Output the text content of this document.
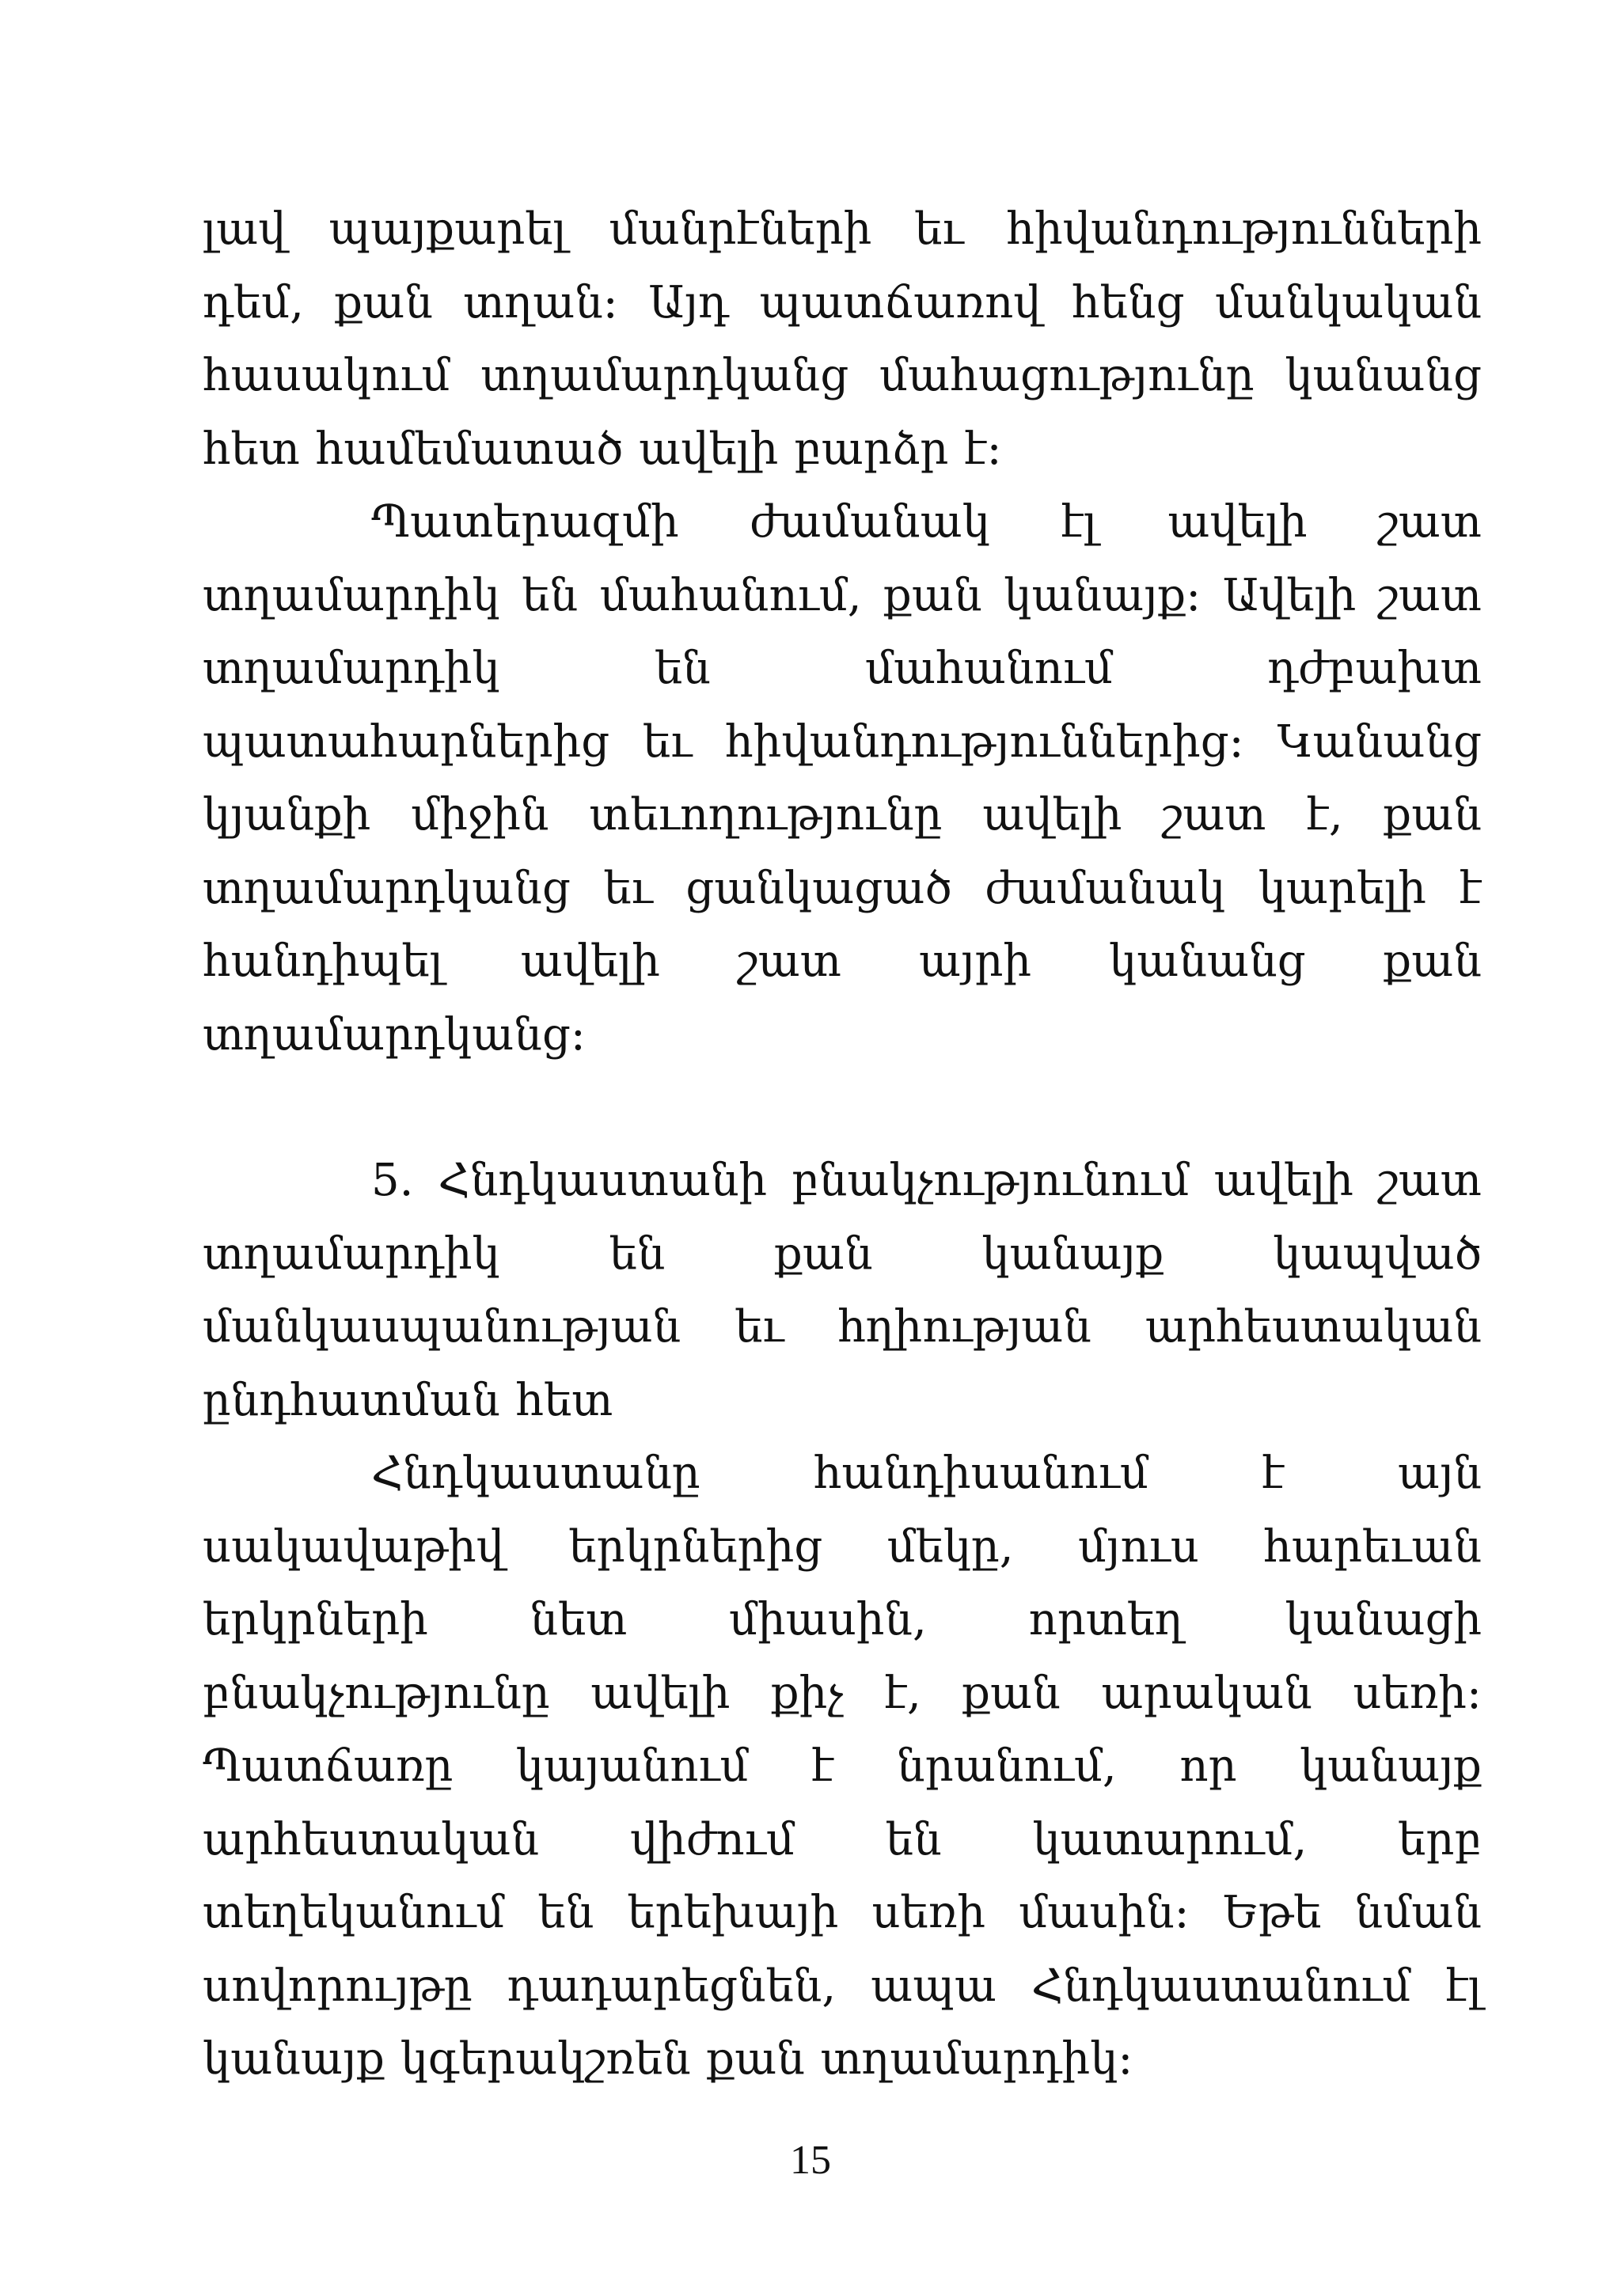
լավ պայքարել մանրէների եւ հիվանդությունների դեմ, քան տղան։ Այդ պատճառով հենց մանկական հասակում տղամարդկանց մահացությունը կանանց հետ համեմատած ավելի բարձր է։

Պատերազմի ժամանակ էլ ավելի շատ տղամարդիկ են մահանում, քան կանայք։ Ավելի շատ տղամարդիկ են մահանում դժբախտ պատահարներից եւ հիվանդություններից։ Կանանց կյանքի միջին տեւողությունը ավելի շատ է, քան տղամարդկանց եւ ցանկացած ժամանակ կարելի է հանդիպել ավելի շատ այրի կանանց քան տղամարդկանց։

5. Հնդկաստանի բնակչությունում ավելի շատ տղամարդիկ են քան կանայք կապված մանկասպանության եւ հղիության արհեստական ընդհատման հետ

Հնդկաստանը հանդիսանում է այն սակավաթիվ երկրներից մեկը, մյուս հարեւան երկրների նետ միասին, որտեղ կանացի բնակչությունը ավելի քիչ է, քան արական սեռի։ Պատճառը կայանում է նրանում, որ կանայք արհեստական վիժում են կատարում, երբ տեղեկանում են երեխայի սեռի մասին։ Եթե նման սովորույթը դադարեցնեն, ապա Հնդկաստանում էլ կանայք կգերակշռեն քան տղամարդիկ։

15
